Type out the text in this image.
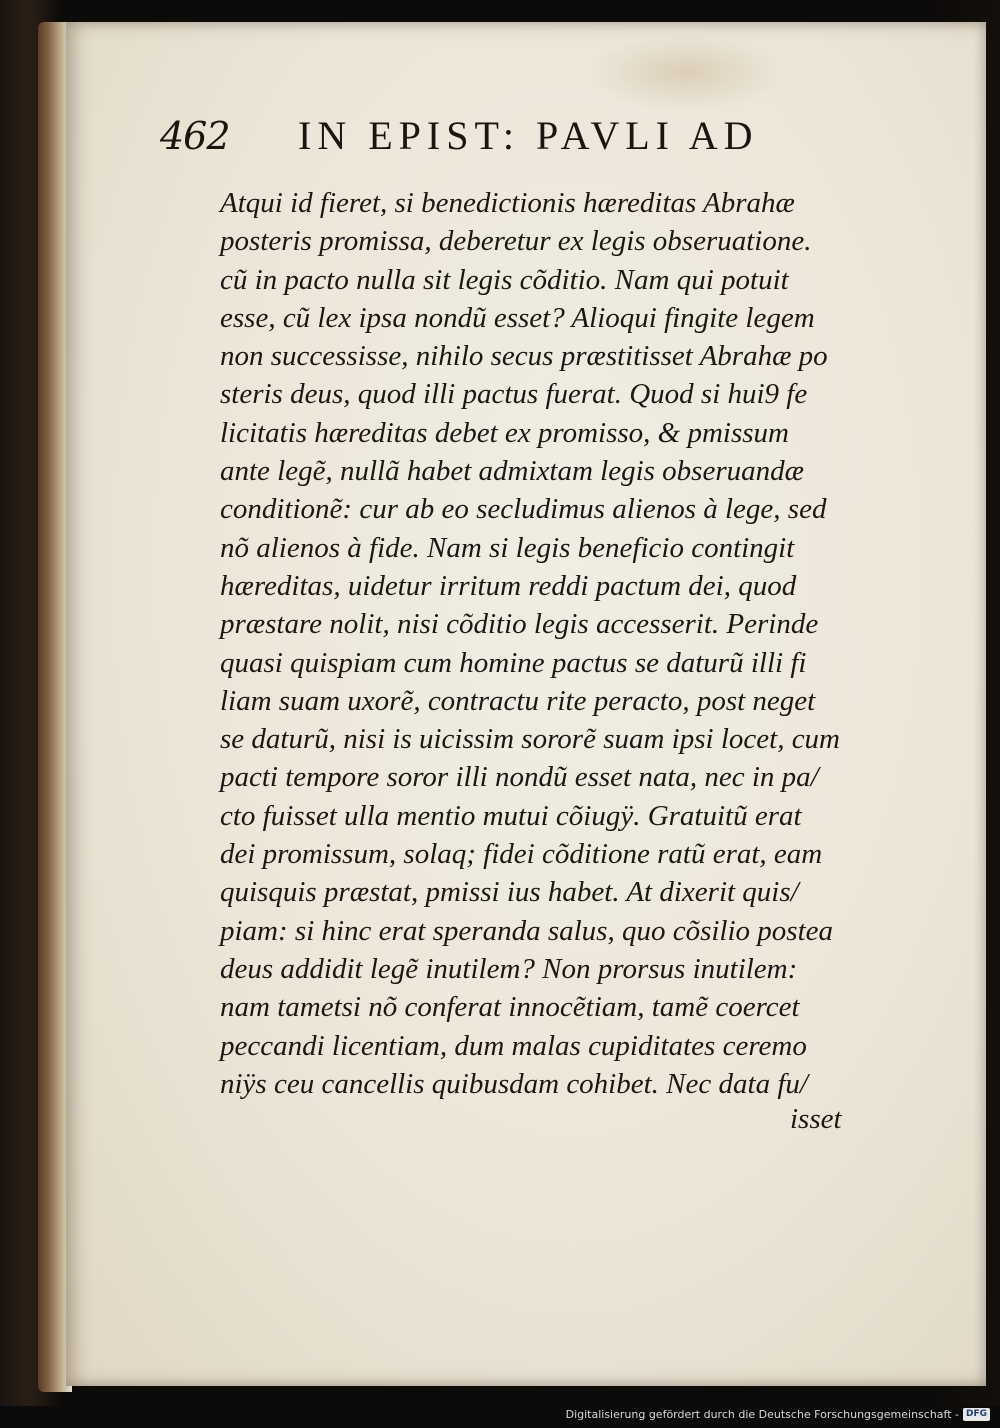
462 IN EPIST: PAVLI AD
Atqui id fieret, si benedictionis hæreditas Abrahæ
posteris promissa, deberetur ex legis obseruatione.
cũ in pacto nulla sit legis cõditio. Nam qui potuit
esse, cũ lex ipsa nondũ esset? Alioqui fingite legem
non successisse, nihilo secus præstitisset Abrahæ po
steris deus, quod illi pactus fuerat. Quod si hui9 fe
licitatis hæreditas debet ex promisso, & pmissum
ante legẽ, nullã habet admixtam legis obseruandæ
conditionẽ: cur ab eo secludimus alienos à lege, sed
nõ alienos à fide. Nam si legis beneficio contingit
hæreditas, uidetur irritum reddi pactum dei, quod
præstare nolit, nisi cõditio legis accesserit. Perinde
quasi quispiam cum homine pactus se daturũ illi fi
liam suam uxorẽ, contractu rite peracto, post neget
se daturũ, nisi is uicissim sororẽ suam ipsi locet, cum
pacti tempore soror illi nondũ esset nata, nec in pa/
cto fuisset ulla mentio mutui cõiugÿ. Gratuitũ erat
dei promissum, solaq; fidei cõditione ratũ erat, eam
quisquis præstat, pmissi ius habet. At dixerit quis/
piam: si hinc erat speranda salus, quo cõsilio postea
deus addidit legẽ inutilem? Non prorsus inutilem:
nam tametsi nõ conferat innocẽtiam, tamẽ coercet
peccandi licentiam, dum malas cupiditates ceremo
niÿs ceu cancellis quibusdam cohibet. Nec data fu/
isset
Digitalisierung gefördert durch die Deutsche Forschungsgemeinschaft - DFG
